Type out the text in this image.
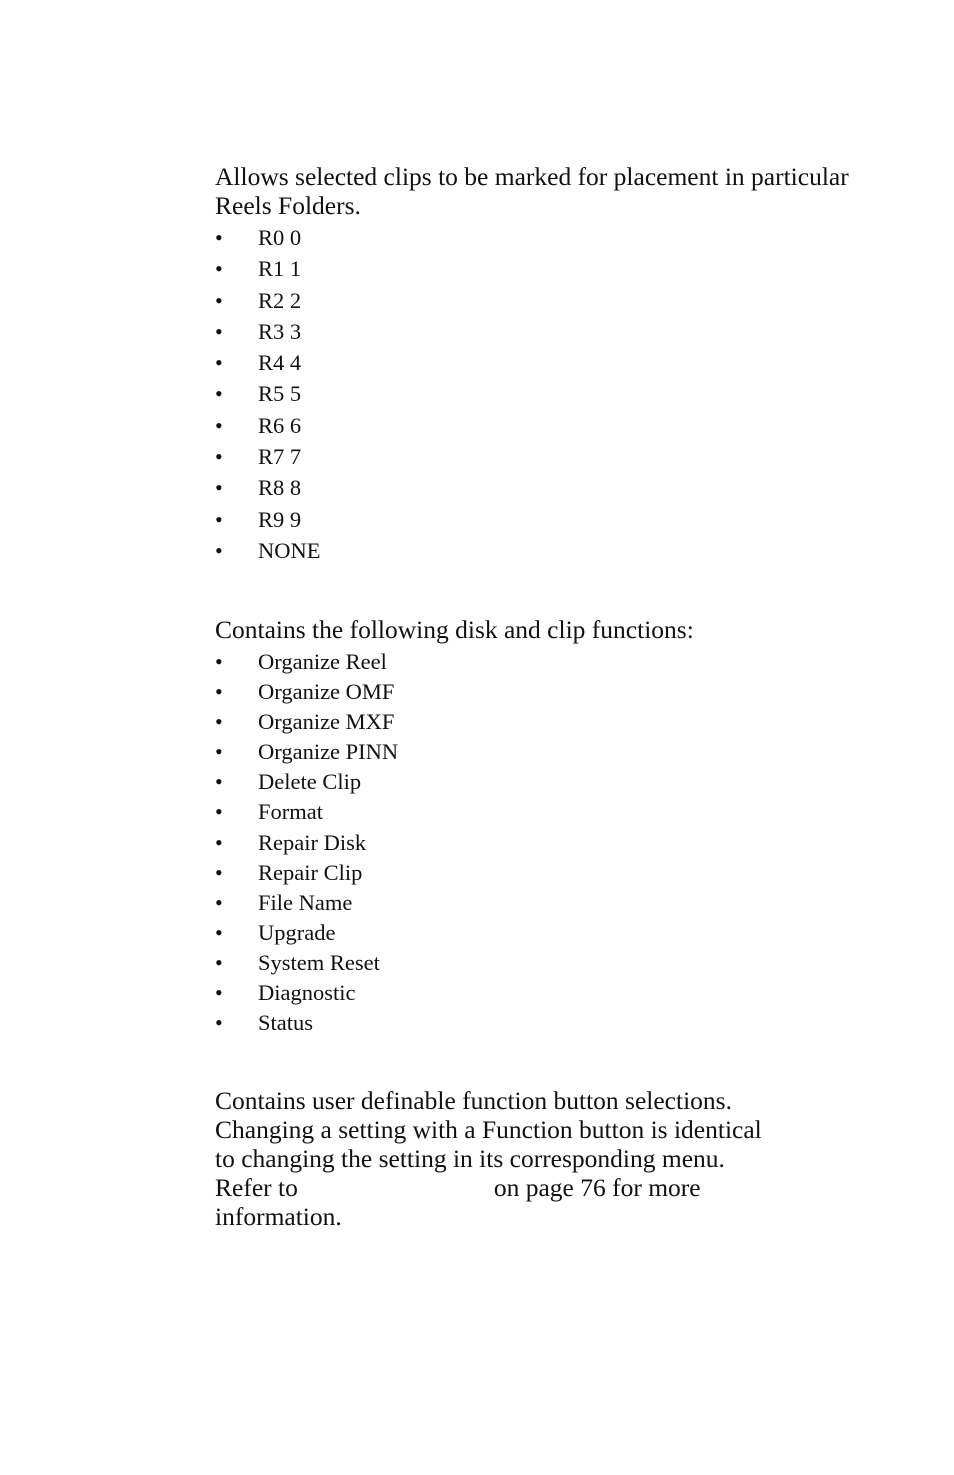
Allows selected clips to be marked for placement in particular Reels Folders.

• R0 0
• R1 1
• R2 2
• R3 3
• R4 4
• R5 5
• R6 6
• R7 7
• R8 8
• R9 9
• NONE

Contains the following disk and clip functions:

• Organize Reel
• Organize OMF
• Organize MXF
• Organize PINN
• Delete Clip
• Format
• Repair Disk
• Repair Clip
• File Name
• Upgrade
• System Reset
• Diagnostic
• Status

Contains user definable function button selections.
Changing a setting with a Function button is identical
to changing the setting in its corresponding menu.
Refer to	on page 76 for more
information.
